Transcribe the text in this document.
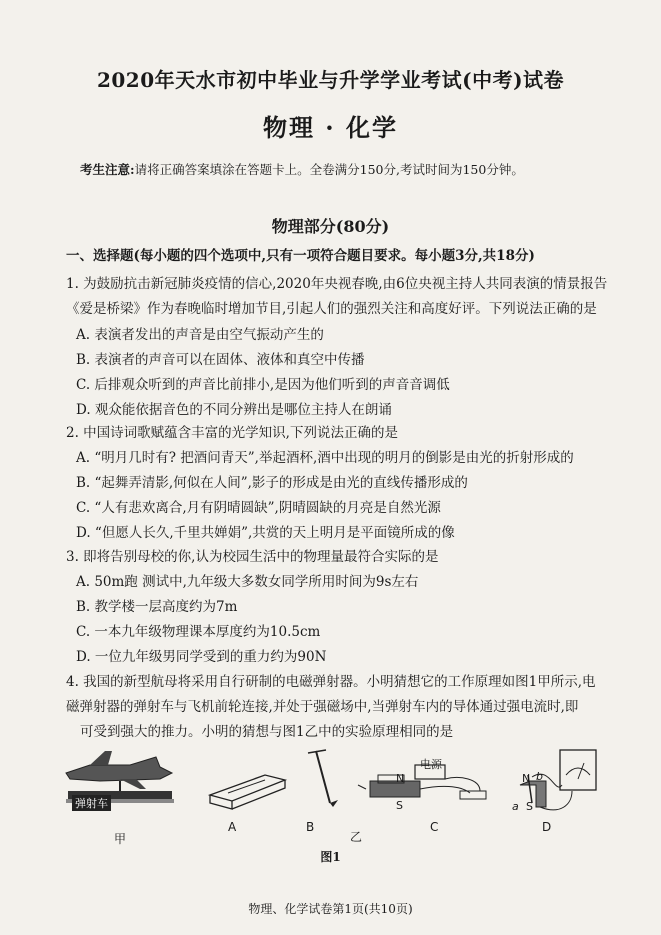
2020年天水市初中毕业与升学学业考试(中考)试卷
物理 · 化学
考生注意:请将正确答案填涂在答题卡上。全卷满分150分,考试时间为150分钟。
物理部分(80分)
一、选择题(每小题的四个选项中,只有一项符合题目要求。每小题3分,共18分)
1. 为鼓励抗击新冠肺炎疫情的信心,2020年央视春晚,由6位央视主持人共同表演的情景报告
《爱是桥梁》作为春晚临时增加节目,引起人们的强烈关注和高度好评。下列说法正确的是
A. 表演者发出的声音是由空气振动产生的
B. 表演者的声音可以在固体、液体和真空中传播
C. 后排观众听到的声音比前排小,是因为他们听到的声音音调低
D. 观众能依据音色的不同分辨出是哪位主持人在朗诵
2. 中国诗词歌赋蕴含丰富的光学知识,下列说法正确的是
A. “明月几时有? 把酒问青天”,举起酒杯,酒中出现的明月的倒影是由光的折射形成的
B. “起舞弄清影,何似在人间”,影子的形成是由光的直线传播形成的
C. “人有悲欢离合,月有阴晴圆缺”,阴晴圆缺的月亮是自然光源
D. “但愿人长久,千里共婵娟”,共赏的天上明月是平面镜所成的像
3. 即将告别母校的你,认为校园生活中的物理量最符合实际的是
A. 50m跑 测试中,九年级大多数女同学所用时间为9s左右
B. 教学楼一层高度约为7m
C. 一本九年级物理课本厚度约为10.5cm
D. 一位九年级男同学受到的重力约为90N
4. 我国的新型航母将采用自行研制的电磁弹射器。小明猜想它的工作原理如图1甲所示,电
磁弹射器的弹射车与飞机前轮连接,并处于强磁场中,当弹射车内的导体通过强电流时,即
可受到强大的推力。小明的猜想与图1乙中的实验原理相同的是
弹射车
电源
N
S
N
S
a
b
甲
A	B
乙
C	D
图1
物理、化学试卷第1页(共10页)
